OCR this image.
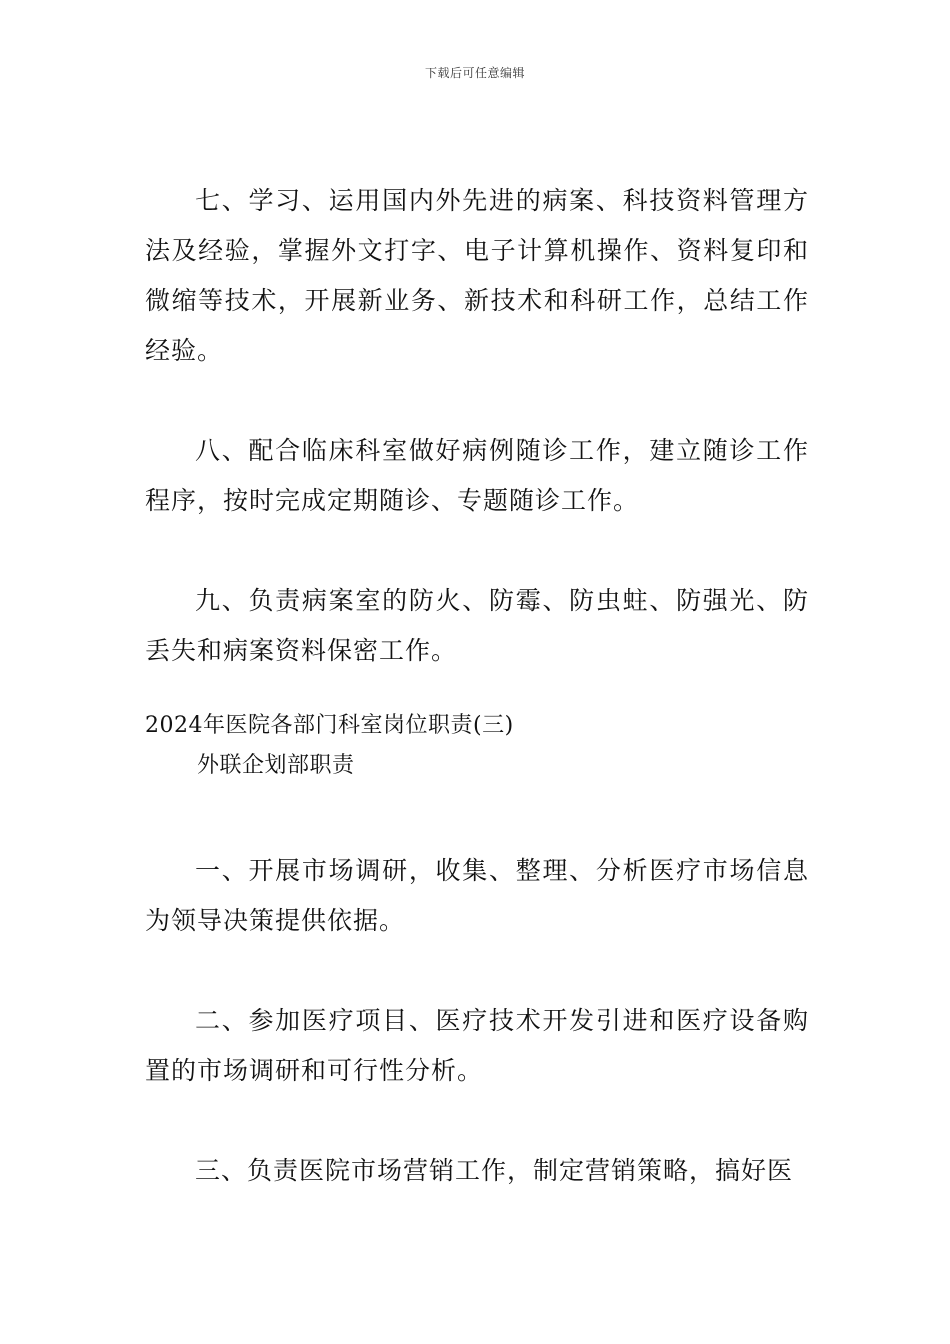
下载后可任意编辑

七、学习、运用国内外先进的病案、科技资料管理方法及经验，掌握外文打字、电子计算机操作、资料复印和微缩等技术，开展新业务、新技术和科研工作，总结工作经验。

八、配合临床科室做好病例随诊工作，建立随诊工作程序，按时完成定期随诊、专题随诊工作。

九、负责病案室的防火、防霉、防虫蛀、防强光、防丢失和病案资料保密工作。

2024年医院各部门科室岗位职责(三)

外联企划部职责

一、开展市场调研，收集、整理、分析医疗市场信息为领导决策提供依据。

二、参加医疗项目、医疗技术开发引进和医疗设备购置的市场调研和可行性分析。

三、负责医院市场营销工作，制定营销策略，搞好医
